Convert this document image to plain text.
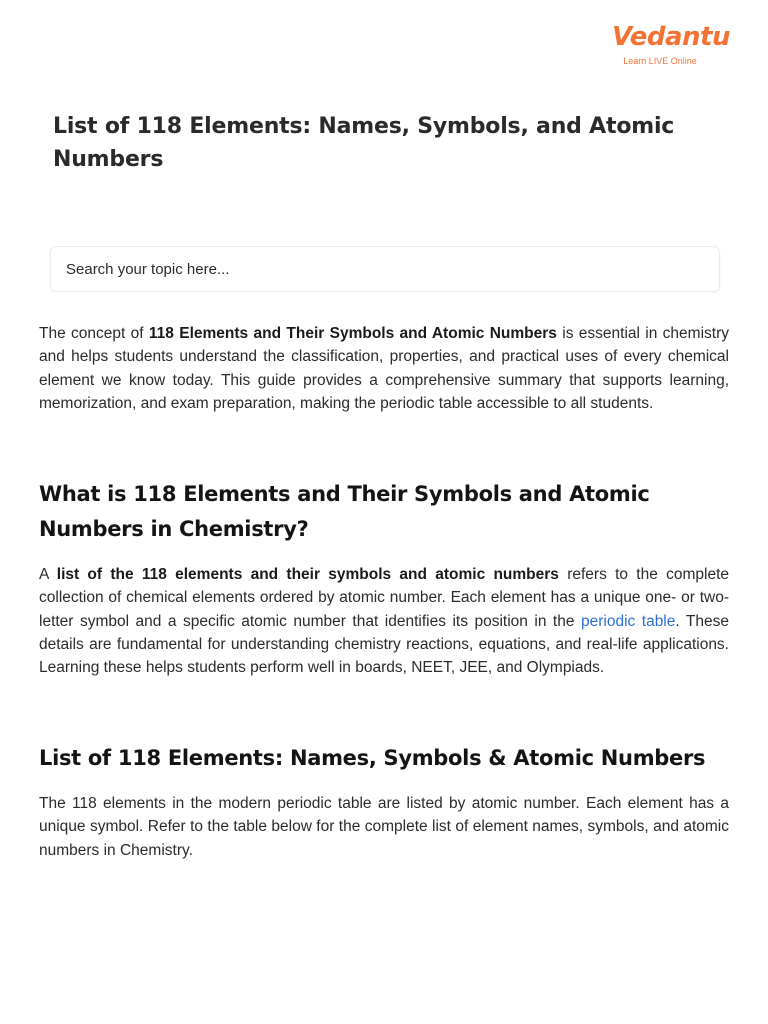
Vedantu
Learn LIVE Online
List of 118 Elements: Names, Symbols, and Atomic Numbers
Search your topic here...

The concept of 118 Elements and Their Symbols and Atomic Numbers is essential in chemistry and helps students understand the classification, properties, and practical uses of every chemical element we know today. This guide provides a comprehensive summary that supports learning, memorization, and exam preparation, making the periodic table accessible to all students.

What is 118 Elements and Their Symbols and Atomic Numbers in Chemistry?

A list of the 118 elements and their symbols and atomic numbers refers to the complete collection of chemical elements ordered by atomic number. Each element has a unique one- or two-letter symbol and a specific atomic number that identifies its position in the periodic table. These details are fundamental for understanding chemistry reactions, equations, and real-life applications. Learning these helps students perform well in boards, NEET, JEE, and Olympiads.

List of 118 Elements: Names, Symbols & Atomic Numbers

The 118 elements in the modern periodic table are listed by atomic number. Each element has a unique symbol. Refer to the table below for the complete list of element names, symbols, and atomic numbers in Chemistry.
